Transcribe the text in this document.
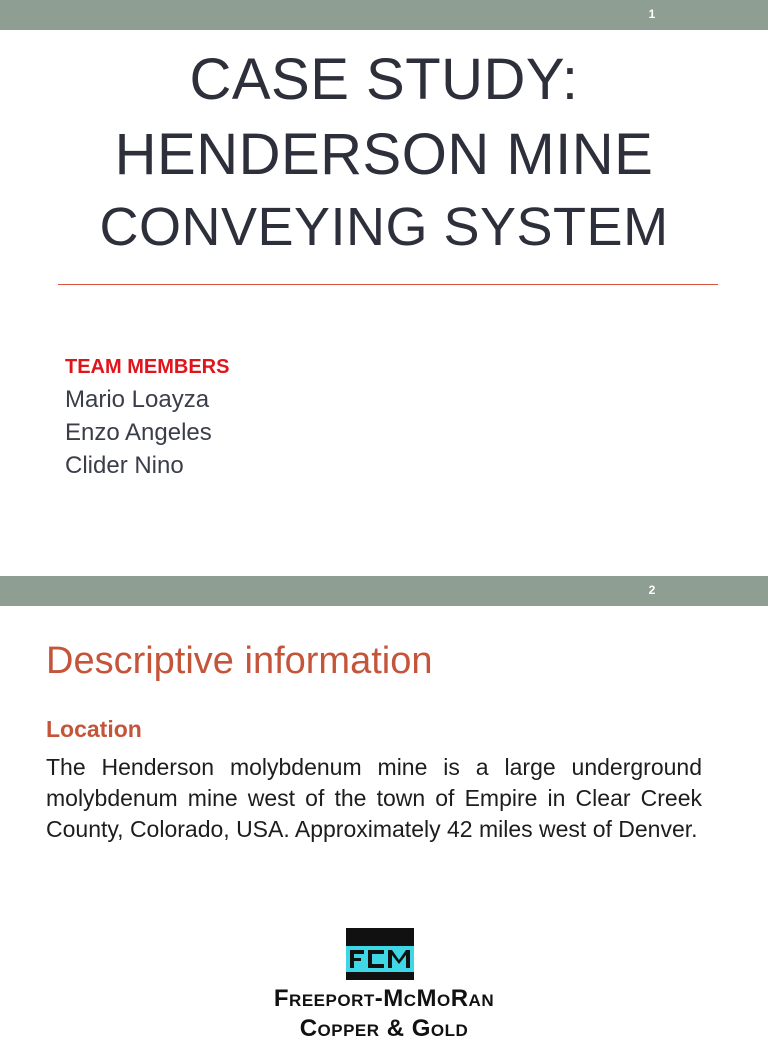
1
CASE STUDY:
HENDERSON MINE
CONVEYING SYSTEM
TEAM MEMBERS
Mario Loayza
Enzo Angeles
Clider Nino
2
Descriptive information
Location
The Henderson molybdenum mine is a large underground molybdenum mine west of the town of Empire in Clear Creek County, Colorado, USA. Approximately 42 miles west of Denver.
Freeport-McMoRan
Copper & Gold
